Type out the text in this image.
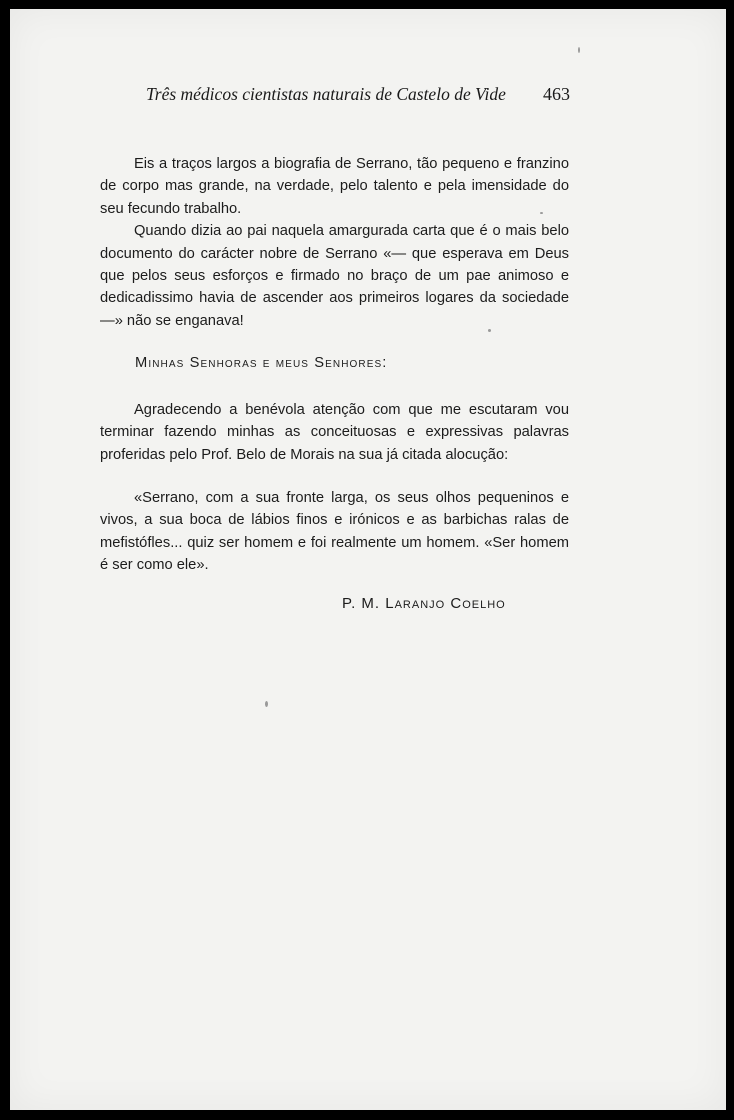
Três médicos cientistas naturais de Castelo de Vide 463

Eis a traços largos a biografia de Serrano, tão pequeno e franzino de corpo mas grande, na verdade, pelo talento e pela imensidade do seu fecundo trabalho.

Quando dizia ao pai naquela amargurada carta que é o mais belo documento do carácter nobre de Serrano «— que esperava em Deus que pelos seus esforços e firmado no braço de um pae animoso e dedicadissimo havia de ascender aos primeiros logares da sociedade —» não se enganava!

Minhas Senhoras e meus Senhores:

Agradecendo a benévola atenção com que me escutaram vou terminar fazendo minhas as conceituosas e expressivas palavras proferidas pelo Prof. Belo de Morais na sua já citada alocução:

«Serrano, com a sua fronte larga, os seus olhos pequeninos e vivos, a sua boca de lábios finos e irónicos e as barbichas ralas de mefistófles... quiz ser homem e foi realmente um homem. «Ser homem é ser como ele».

P. M. Laranjo Coelho
